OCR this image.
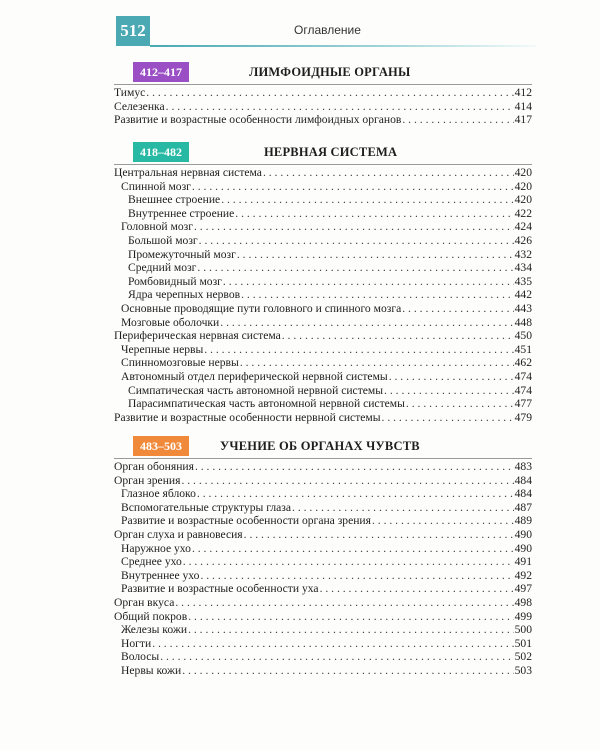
512	Оглавление
412–417	ЛИМФОИДНЫЕ ОРГАНЫ
Тимус . . .	412
Селезенка . . .	414
Развитие и возрастные особенности лимфоидных органов . . .	417
418–482	НЕРВНАЯ СИСТЕМА
Центральная нервная система . . .	420
Спинной мозг . . .	420
Внешнее строение . . .	420
Внутреннее строение . . .	422
Головной мозг . . .	424
Большой мозг . . .	426
Промежуточный мозг . . .	432
Средний мозг . . .	434
Ромбовидный мозг . . .	435
Ядра черепных нервов . . .	442
Основные проводящие пути головного и спинного мозга . . .	443
Мозговые оболочки . . .	448
Периферическая нервная система . . .	450
Черепные нервы . . .	451
Спинномозговые нервы . . .	462
Автономный отдел периферической нервной системы . . .	474
Симпатическая часть автономной нервной системы . . .	474
Парасимпатическая часть автономной нервной системы . . .	477
Развитие и возрастные особенности нервной системы . . .	479
483–503	УЧЕНИЕ ОБ ОРГАНАХ ЧУВСТВ
Орган обоняния . . .	483
Орган зрения . . .	484
Глазное яблоко . . .	484
Вспомогательные структуры глаза . . .	487
Развитие и возрастные особенности органа зрения . . .	489
Орган слуха и равновесия . . .	490
Наружное ухо . . .	490
Среднее ухо . . .	491
Внутреннее ухо . . .	492
Развитие и возрастные особенности уха . . .	497
Орган вкуса . . .	498
Общий покров . . .	499
Железы кожи . . .	500
Ногти . . .	501
Волосы . . .	502
Нервы кожи . . .	503
